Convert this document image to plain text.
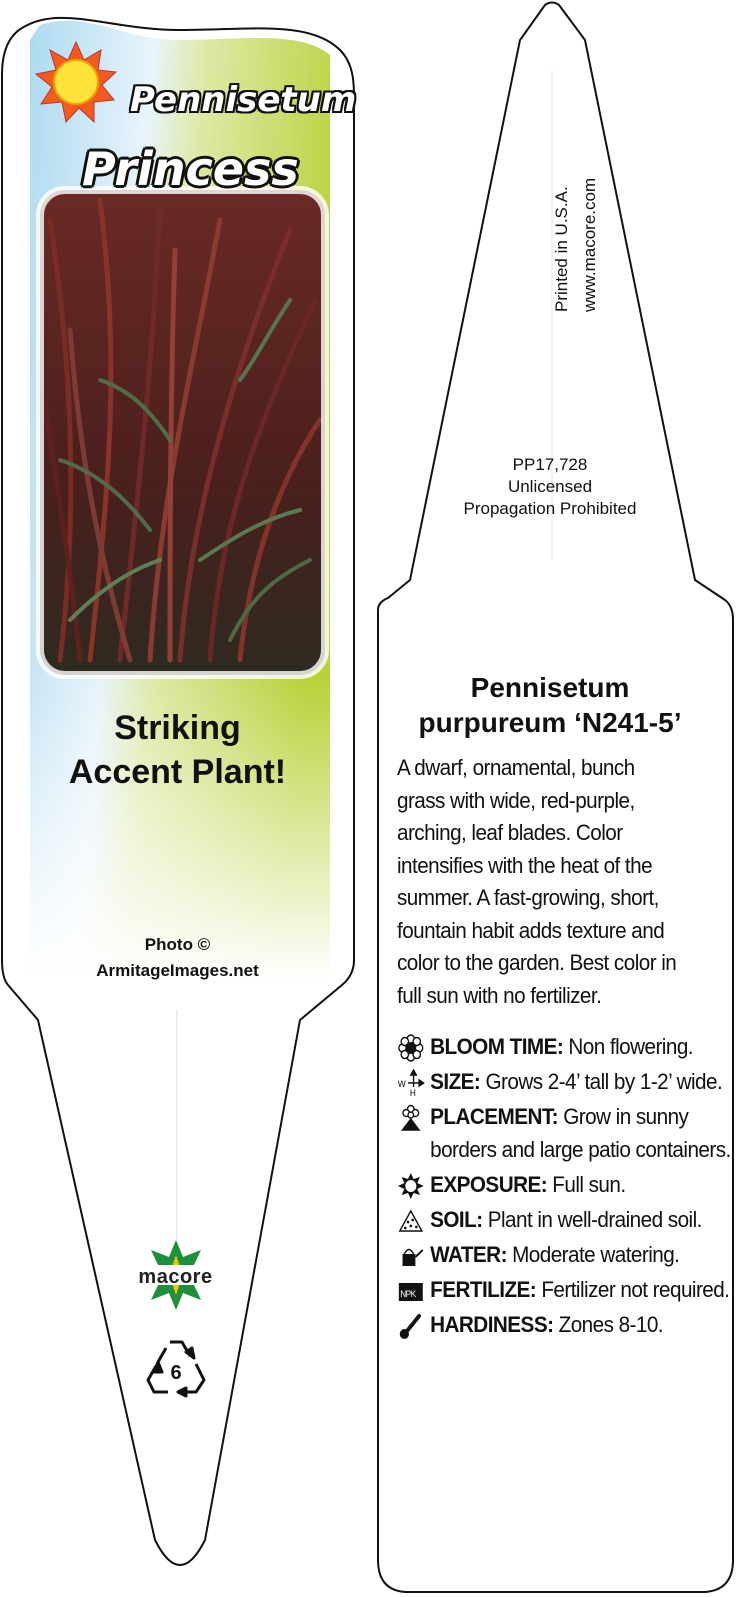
Pennisetum
Princess
Striking
Accent Plant!
Photo ©
ArmitageImages.net
macore
6
Printed in U.S.A. www.macore.com
PP17,728
Unlicensed
Propagation Prohibited
Pennisetum
purpureum ‘N241-5’
A dwarf, ornamental, bunch grass with wide, red-purple, arching, leaf blades. Color intensifies with the heat of the summer. A fast-growing, short, fountain habit adds texture and color to the garden. Best color in full sun with no fertilizer.
BLOOM TIME: Non flowering.
W
H SIZE: Grows 2-4’ tall by 1-2’ wide.
PLACEMENT: Grow in sunny borders and large patio containers.
EXPOSURE: Full sun.
SOIL: Plant in well-drained soil.
WATER: Moderate watering.
NPK FERTILIZE: Fertilizer not required.
HARDINESS: Zones 8-10.
